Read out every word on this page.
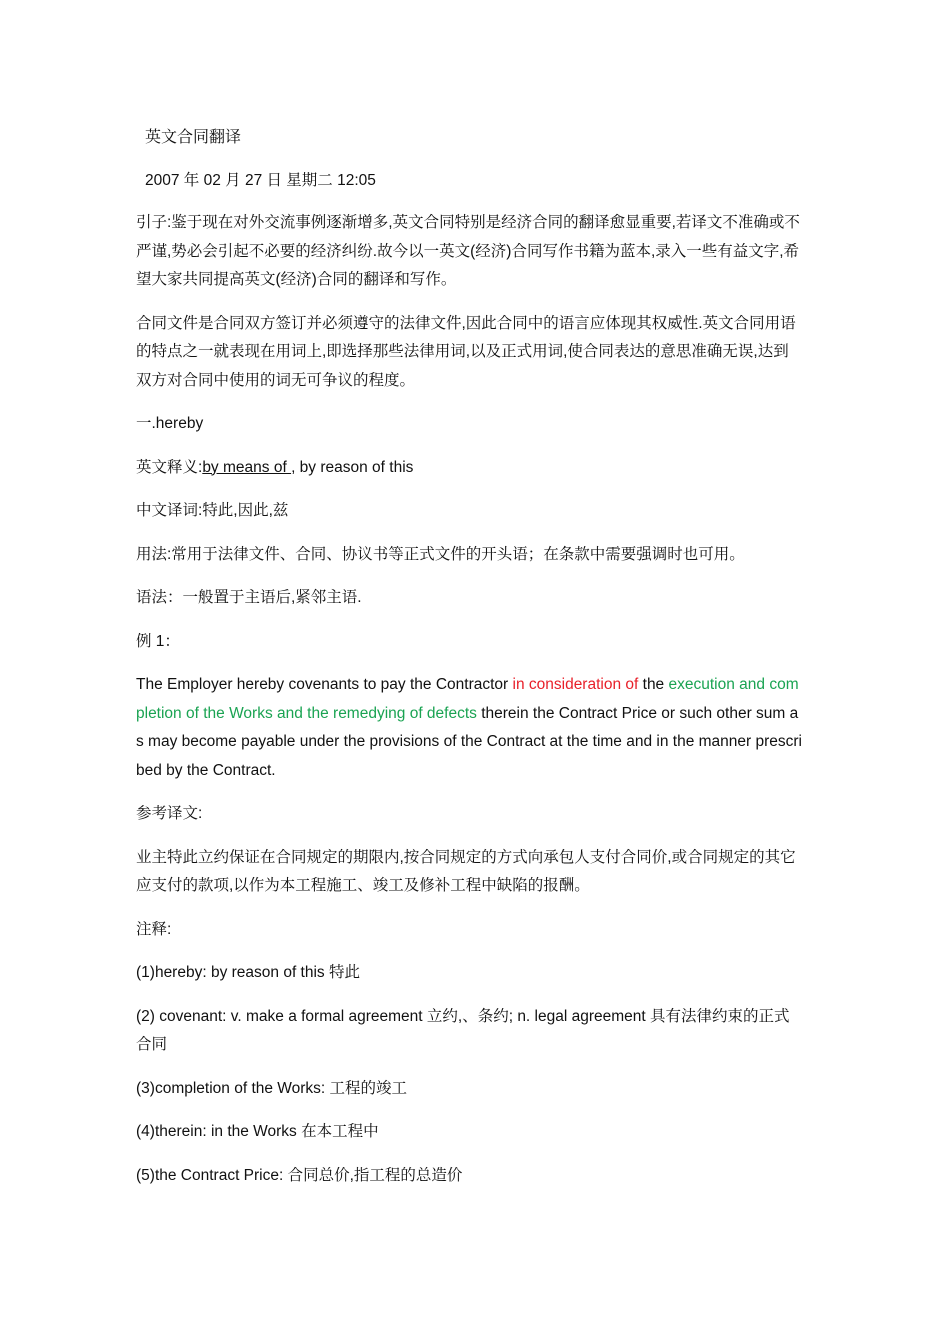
英文合同翻译

2007 年 02 月 27 日 星期二 12:05

引子:鉴于现在对外交流事例逐渐增多,英文合同特别是经济合同的翻译愈显重要,若译文不准确或不严谨,势必会引起不必要的经济纠纷.故今以一英文(经济)合同写作书籍为蓝本,录入一些有益文字,希望大家共同提高英文(经济)合同的翻译和写作。

合同文件是合同双方签订并必须遵守的法律文件,因此合同中的语言应体现其权威性.英文合同用语的特点之一就表现在用词上,即选择那些法律用词,以及正式用词,使合同表达的意思准确无误,达到双方对合同中使用的词无可争议的程度。

一.hereby

英文释义:by means of , by reason of this

中文译词:特此,因此,兹

用法:常用于法律文件、合同、协议书等正式文件的开头语；在条款中需要强调时也可用。

语法：一般置于主语后,紧邻主语.

例 1：

The Employer hereby covenants to pay the Contractor in consideration of the execution and completion of the Works and the remedying of defects therein the Contract Price or such other sum as may become payable under the provisions of the Contract at the time and in the manner prescribed by the Contract.

参考译文:

业主特此立约保证在合同规定的期限内,按合同规定的方式向承包人支付合同价,或合同规定的其它应支付的款项,以作为本工程施工、竣工及修补工程中缺陷的报酬。

注释:

(1)hereby: by reason of this 特此

(2) covenant: v. make a formal agreement 立约,、条约; n. legal agreement 具有法律约束的正式合同

(3)completion of the Works: 工程的竣工

(4)therein: in the Works 在本工程中

(5)the Contract Price: 合同总价,指工程的总造价
